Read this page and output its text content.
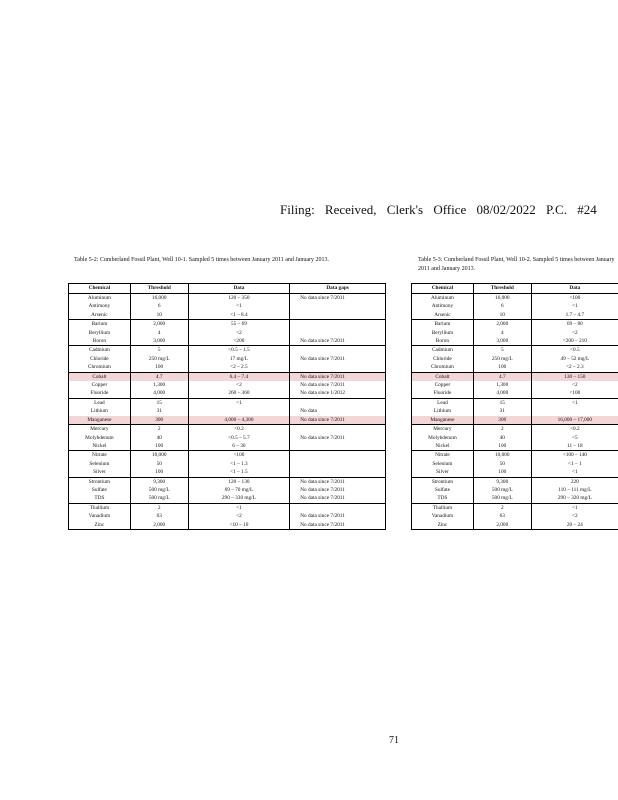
Filing: Received, Clerk's Office 08/02/2022 P.C. #24
Table 5-2: Cumberland Fossil Plant, Well 10-1. Sampled 5 times between January 2011 and January 2013.	Table 5-3: Cumberland Fossil Plant, Well 10-2. Sampled 5 times between January 2011 and January 2013.
Chemical	Threshold	Data	Data gaps
Aluminum	16,000	120 – 350	No data since 7/2011
Antimony	6	<1	
Arsenic	10	<1 – 8.4	
Barium	2,000	55 – 69	
Beryllium	4	<2	
Boron	3,000	<200	No data since 7/2011
Cadmium	5	<0.5 – 1.5	
Chloride	250 mg/L	17 mg/L	No data since 7/2011
Chromium	100	<2 – 2.5	
Cobalt	4.7	6.4 – 7.4	No data since 7/2011
Copper	1,300	<2	No data since 7/2011
Fluoride	4,000	260 – 360	No data since 1/2012
Lead	15	<1	
Lithium	31		No data
Manganese	300	4,000 – 4,300	No data since 7/2011
Mercury	2	<0.2	
Molybdenum	40	<0.5 – 5.7	No data since 7/2011
Nickel	100	6 – 30	
Nitrate	10,000	<100	
Selenium	50	<1 – 1.3	
Silver	100	<1 – 1.5	
Strontium	9,300	120 – 130	No data since 7/2011
Sulfate	500 mg/L	69 – 70 mg/L	No data since 7/2011
TDS	500 mg/L	290 – 330 mg/L	No data since 7/2011
Thallium	2	<1	
Vanadium	63	<2	No data since 7/2011
Zinc	2,000	<10 – 10	No data since 7/2011
Chemical	Threshold	Data
Aluminum	16,000	<100
Antimony	6	<1
Arsenic	10	1.7 – 4.7
Barium	2,000	69 – 80
Beryllium	4	<2
Boron	3,000	<200 – 210
Cadmium	5	<0.5
Chloride	250 mg/L	49 – 52 mg/L
Chromium	100	<2 – 2.3
Cobalt	4.7	130 – 150
Copper	1,300	<2
Fluoride	4,000	<100
Lead	15	<1
Lithium	31	
Manganese	300	16,000 – 17,000
Mercury	2	<0.2
Molybdenum	40	<5
Nickel	100	11 – 18
Nitrate	10,000	<100 – 140
Selenium	50	<1 – 1
Silver	100	<1
Strontium	9,300	220
Sulfate	500 mg/L	110 – 111 mg/L
TDS	500 mg/L	290 – 320 mg/L
Thallium	2	<1
Vanadium	63	<2
Zinc	2,000	20 – 24
71
